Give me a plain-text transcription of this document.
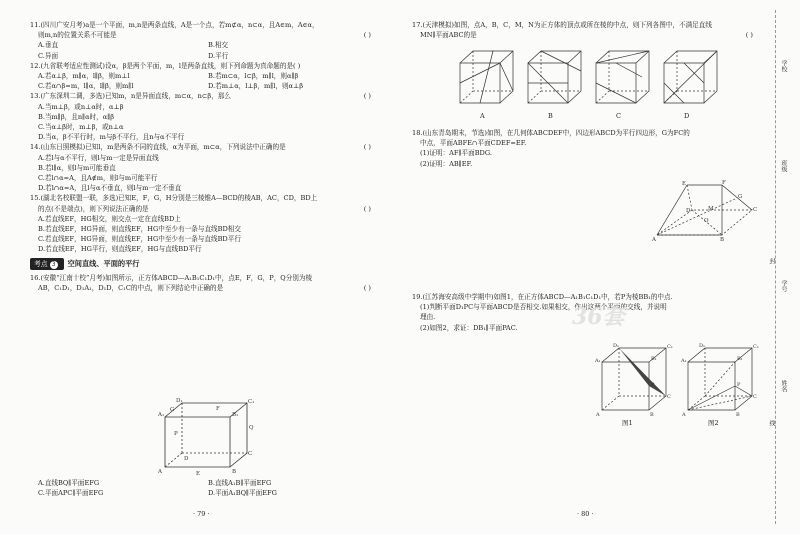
11.(四川广安月考)a是一个平面，m,n是两条直线，A是一个点，若m⊄α，n⊂α，且A∈m，A∈α，
则m,n的位置关系不可能是	( )
A.垂直	B.相交
C.异面	D.平行
12.(九省联考适应性测试)设α，β是两个平面，m，l是两条直线，则下列命题为真命题的是( )
A.若α⊥β，m∥α，l∥β，则m⊥l	B.若m⊂α，l⊂β，m∥l，则α∥β
C.若α∩β=m，l∥α，l∥β，则m∥l	D.若m⊥α，l⊥β，m∥l，则α⊥β
13.(广东深圳二调，多选)已知m，n是异面直线，m⊂α，n⊂β，那么	( )
A.当m⊥β，或n⊥α时，α⊥β
B.当m∥β，且n∥α时，α∥β
C.当α⊥β时，m⊥β，或n⊥α
D.当α，β不平行时，m与β不平行，且n与α不平行
14.(山东日照模拟)已知l，m是两条不同的直线，α为平面，m⊂α，下列说法中正确的是	( )
A.若l与α不平行，则l与m一定是异面直线
B.若l∥α，则l与m可能垂直
C.若l∩α=A，且A∉m，则l与m可能平行
D.若l∩α=A，且l与α不垂直，则l与m一定不垂直
15.(湖北名校联盟一联，多选)已知E，F，G，H分别是三棱锥A—BCD的棱AB，AC，CD，BD上
的点(不是端点)，则下列说法正确的是	( )
A.若直线EF，HG相交，则交点一定在直线BD上
B.若直线EF，HG异面，则直线EF，HG中至少有一条与直线BD相交
C.若直线EF，HG异面，则直线EF，HG中至少有一条与直线BD平行
D.若直线EF，HG平行，则直线EF，HG与直线BD平行
考点 3	空间直线、平面的平行
16.(安徽“江南十校”月考)如图所示，正方体ABCD—A₁B₁C₁D₁中，点E，F，G，P，Q分别为棱
AB，C₁D₁，D₁A₁，D₁D，C₁C的中点，则下列结论中正确的是	( )
D₁	C₁
A₁	B₁
A	B
C
D
G	F
P
Q
E
A.直线BQ∥平面EFG	B.直线A₁B∥平面EFG
C.平面APC∥平面EFG	D.平面A₁BQ∥平面EFG
· 79 ·
17.(天津模拟)如图，点A，B，C，M，N为正方体的顶点或所在棱的中点，则下列各图中，不满足直线
MN∥平面ABC的是	( )
A	B	C	D
18.(山东青岛期末，节选)如图，在几何体ABCDEF中，四边形ABCD为平行四边形，G为FC的
中点，平面ABFE∩平面CDEF=EF.
(1)证明：AF∥平面BDG.
(2)证明：AB∥EF.
E	F
A	B
C
D
G
O
M
19.(江苏海安高级中学期中)如图1，在正方体ABCD—A₁B₁C₁D₁中，若P为棱BB₁的中点.
(1)判断平面D₁PC与平面ABCD是否相交.如果相交，作出这两个平面的交线，并说明
理由.
(2)如图2，求证：DB₁∥平面PAC.
D₁	C₁
A₁	B₁
A	B
C
P
图1
D₁	C₁
A₁	B₁
A	B
C
P
图2
· 80 ·
36套
学校
班级
封
学号
姓名
线
